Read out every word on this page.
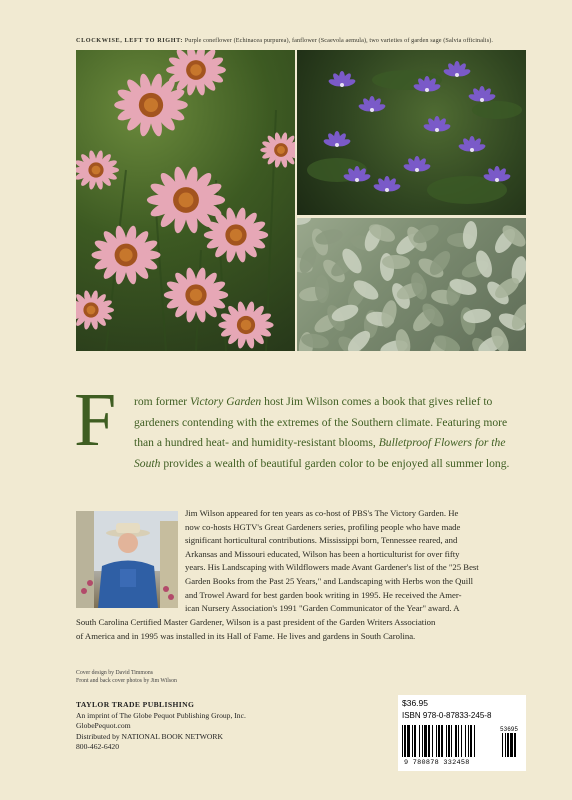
CLOCKWISE, LEFT TO RIGHT: Purple coneflower (Echinacea purpurea), fanflower (Scaevola aemula), two varieties of garden sage (Salvia officinalis).
F rom former Victory Garden host Jim Wilson comes a book that gives relief to gardeners contending with the extremes of the Southern climate. Featuring more than a hundred heat- and humidity-resistant blooms, Bulletproof Flowers for the South provides a wealth of beautiful garden color to be enjoyed all summer long.
Jim Wilson appeared for ten years as co-host of PBS's The Victory Garden. He
now co-hosts HGTV's Great Gardeners series, profiling people who have made
significant horticultural contributions. Mississippi born, Tennessee reared, and
Arkansas and Missouri educated, Wilson has been a horticulturist for over fifty
years. His Landscaping with Wildflowers made Avant Gardener's list of the "25 Best
Garden Books from the Past 25 Years," and Landscaping with Herbs won the Quill
and Trowel Award for best garden book writing in 1995. He received the Amer-
ican Nursery Association's 1991 "Garden Communicator of the Year" award. A
South Carolina Certified Master Gardener, Wilson is a past president of the Garden Writers Association
of America and in 1995 was installed in its Hall of Fame. He lives and gardens in South Carolina.
Cover design by David Timmons
Front and back cover photos by Jim Wilson
TAYLOR TRADE PUBLISHING
An imprint of The Globe Pequot Publishing Group, Inc.
GlobePequot.com
Distributed by NATIONAL BOOK NETWORK
800-462-6420
$36.95
ISBN 978-0-87833-245-8
53695
9 780878 332458
